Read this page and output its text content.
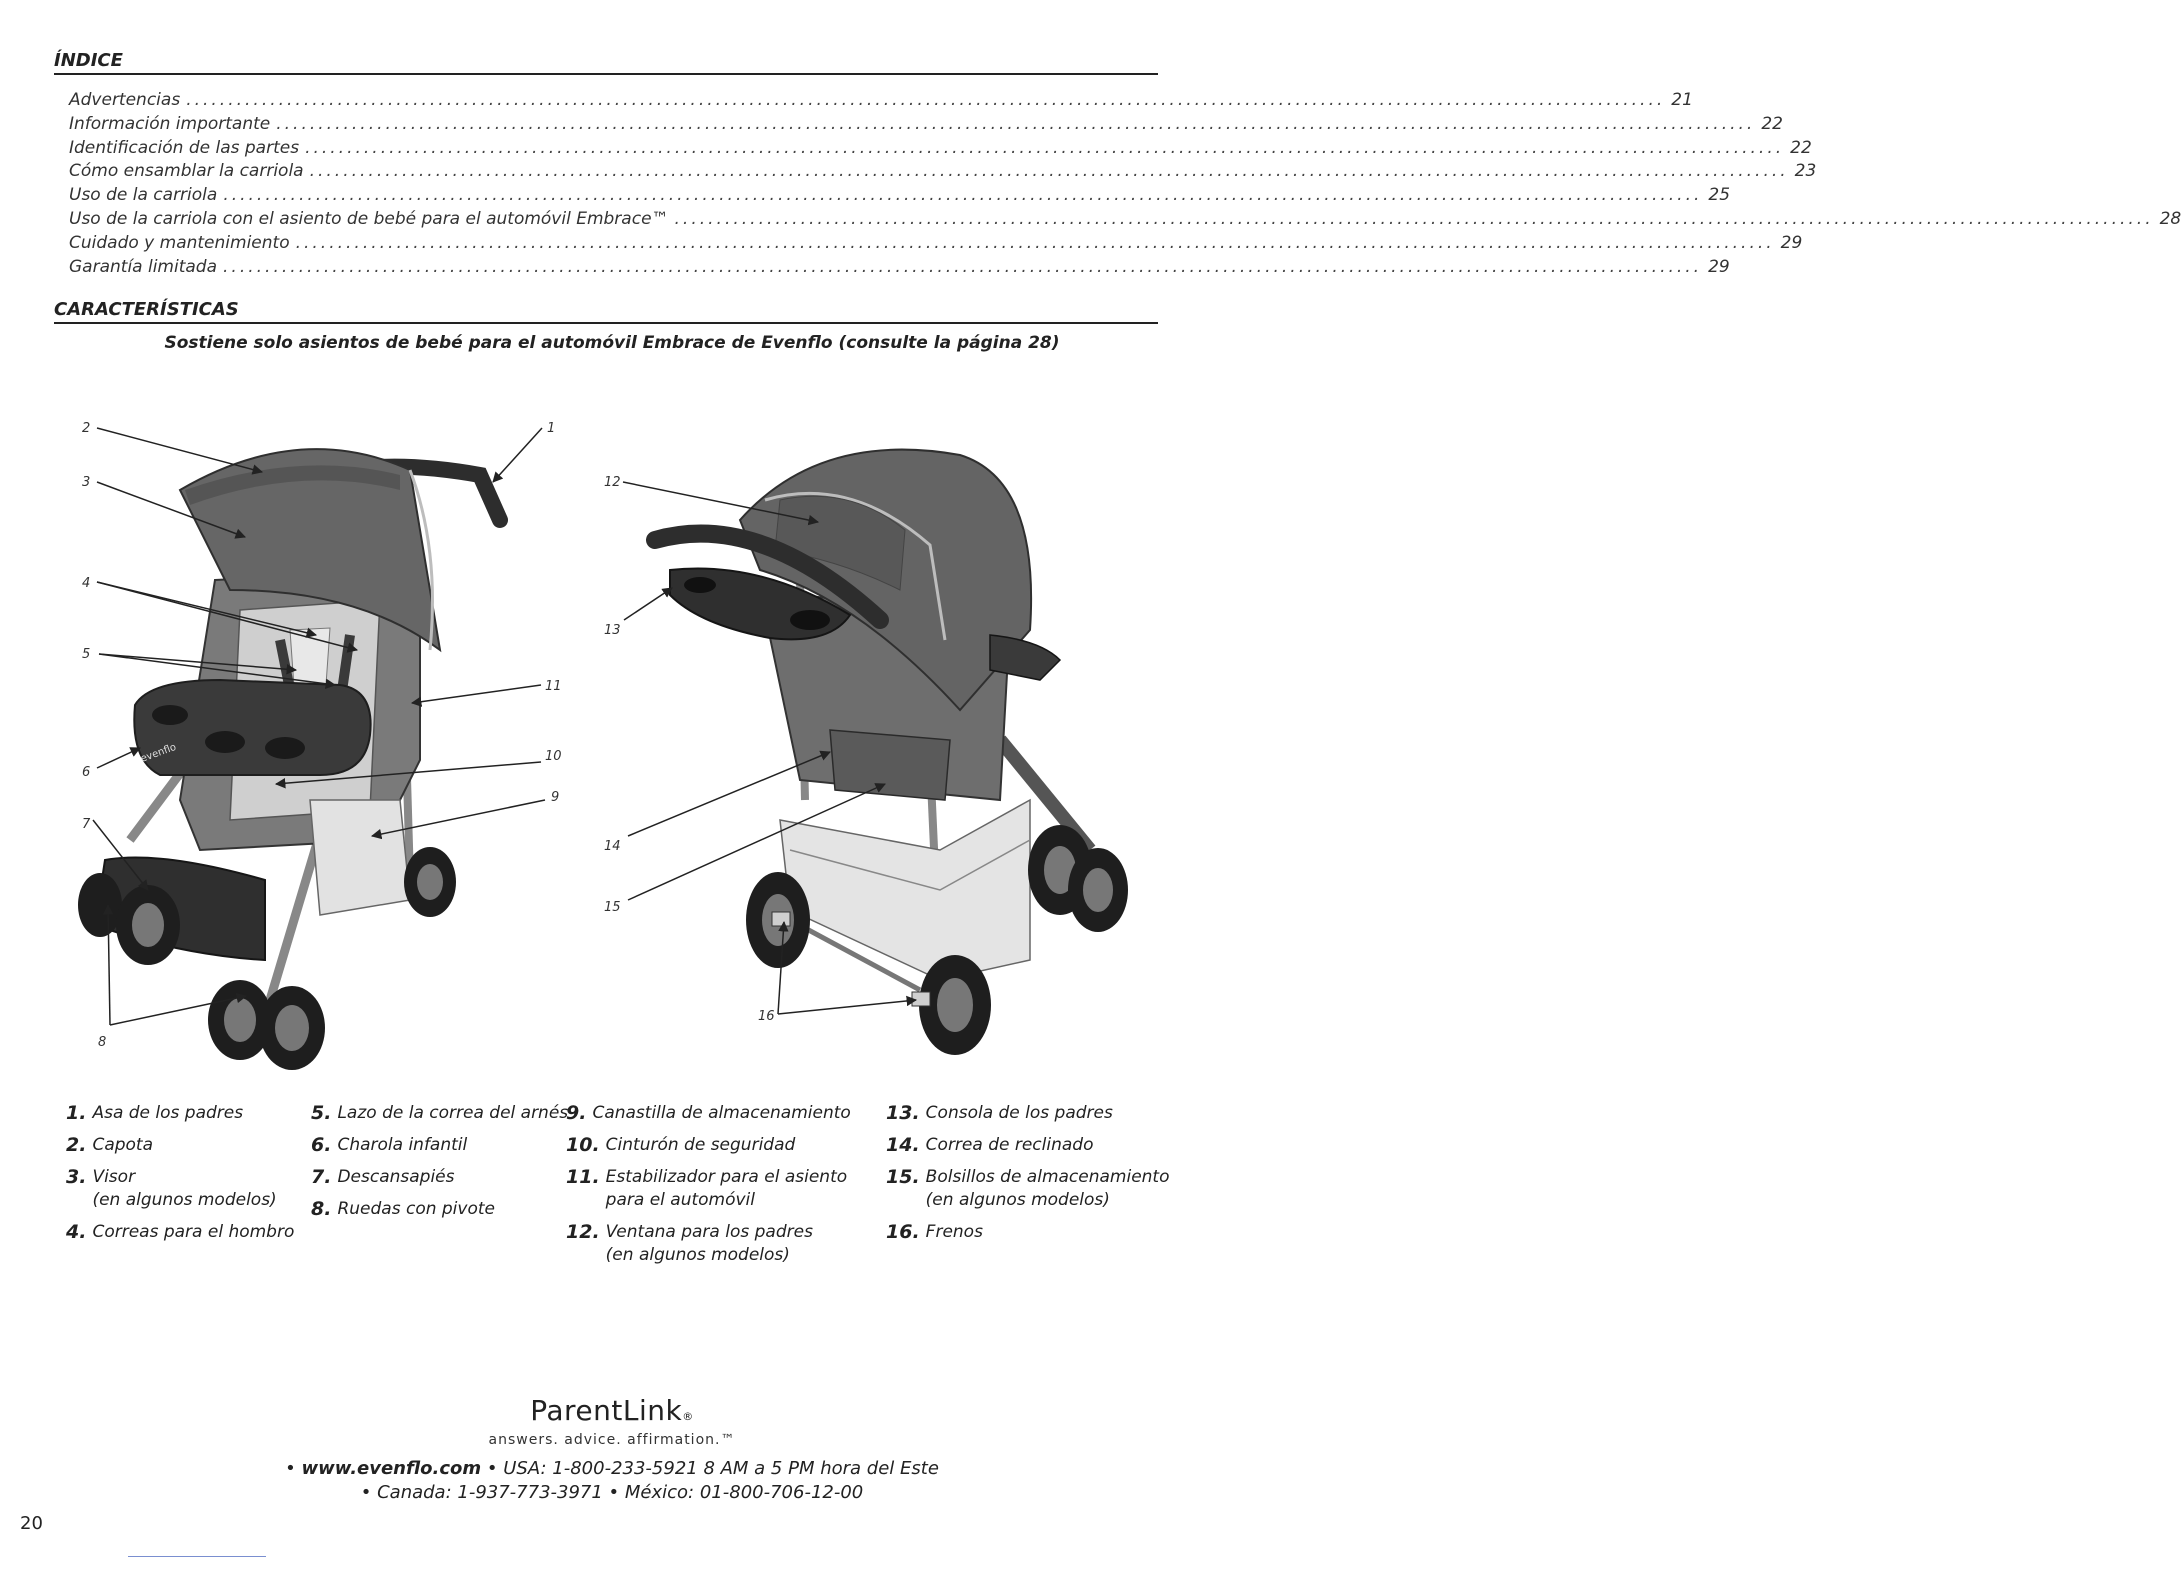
ÍNDICE
Advertencias ................................................................................................................................................................................ 21
Información importante ................................................................................................................................................................................ 22
Identificación de las partes ................................................................................................................................................................................ 22
Cómo ensamblar la carriola ................................................................................................................................................................................ 23
Uso de la carriola ................................................................................................................................................................................ 25
Uso de la carriola con el asiento de bebé para el automóvil Embrace™ ................................................................................................................................................................................ 28
Cuidado y mantenimiento ................................................................................................................................................................................ 29
Garantía limitada ................................................................................................................................................................................ 29
CARACTERÍSTICAS
Sostiene solo asientos de bebé para el automóvil Embrace de Evenflo (consulte la página 28)
evenflo
1
2
3
4
5
6
7
8
9
10
11
12
13
14
15
16
1. Asa de los padres
2. Capota
3. Visor
(en algunos modelos)
4. Correas para el hombro
5. Lazo de la correa del arnés
6. Charola infantil
7. Descansapiés
8. Ruedas con pivote
9. Canastilla de almacenamiento
10. Cinturón de seguridad
11. Estabilizador para el asiento
para el automóvil
12. Ventana para los padres
(en algunos modelos)
13. Consola de los padres
14. Correa de reclinado
15. Bolsillos de almacenamiento
(en algunos modelos)
16. Frenos
ParentLink®
answers. advice. affirmation.™
• www.evenflo.com • USA: 1-800-233-5921 8 AM a 5 PM hora del Este
• Canada: 1-937-773-3971 • México: 01-800-706-12-00
20
